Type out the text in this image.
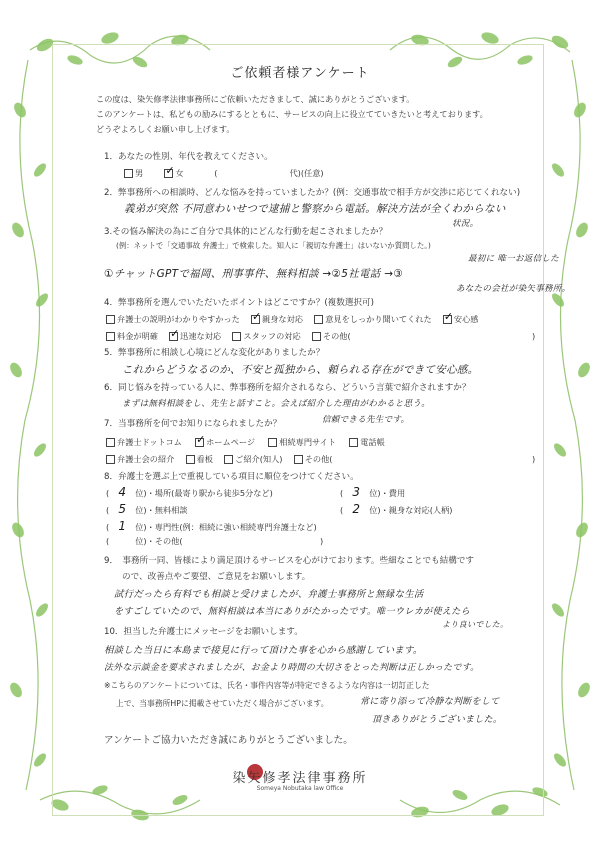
ご依頼者様アンケート
この度は、染矢修孝法律事務所にご依頼いただきまして、誠にありがとうございます。
このアンケートは、私どもの励みにするとともに、サービスの向上に役立てていきたいと考えております。
どうぞよろしくお願い申し上げます。
1．あなたの性別、年代を教えてください。
男 ✓ 女	(	代)(任意)
2．弊事務所への相談時、どんな悩みを持っていましたか？(例：交通事故で相手方が交渉に応じてくれない)
義弟が突然 不同意わいせつで逮捕と警察から電話。解決方法が全くわからない
状況。
3.その悩み解決の為にご自分で具体的にどんな行動を起こされましたか？
(例：ネットで「交通事故 弁護士」で検索した。知人に「親切な弁護士」はいないか質問した。)
最初に 唯一お返信した
①チャットGPTで福岡、刑事事件、無料相談 →②5社電話 →③
あなたの会社が染矢事務所。
4．弊事務所を選んでいただいたポイントはどこですか？(複数選択可)
弁護士の説明がわかりやすかった ✓ 親身な対応	意見をしっかり聞いてくれた ✓ 安心感
料金が明確 ✓ 迅速な対応	スタッフの対応	その他(	)
5．弊事務所に相談し心境にどんな変化がありましたか？
これからどうなるのか、不安と孤独から、頼られる存在ができて安心感。
6．同じ悩みを持っている人に、弊事務所を紹介されるなら、どういう言葉で紹介されますか？
まずは無料相談をし、先生と話すこと。会えば紹介した理由がわかると思う。
7．当事務所を何でお知りになられましたか？	信頼できる先生です。
弁護士ドットコム ✓ ホームページ	相続専門サイト	電話帳
弁護士会の紹介	看板	ご紹介(知人)	その他(	)
8．弁護士を選ぶ上で重視している項目に順位をつけてください。
( 4 位)・場所(最寄り駅から徒歩5分など)	( 3 位)・費用
( 5 位)・無料相談	( 2 位)・親身な対応(人柄)
( 1 位)・専門性(例：相続に強い相続専門弁護士など)
(	位)・その他(	)
9．　事務所一同、皆様により満足頂けるサービスを心がけております。些細なことでも結構です
ので、改善点やご要望、ご意見をお願いします。
試行だったら有料でも相談と受けましたが、弁護士事務所と無縁な生活
をすごしていたので、無料相談は本当にありがたかったです。唯一ウレカが使えたら
より良いでした。
10．担当した弁護士にメッセージをお願いします。
相談した当日に本島まで接見に行って頂けた事を心から感謝しています。
法外な示談金を要求されましたが、お金より時間の大切さをとった判断は正しかったです。
※こちらのアンケートについては、氏名・事件内容等が特定できるような内容は一切訂正した
常に寄り添って冷静な判断をして
上で、当事務所HPに掲載させていただく場合がございます。
頂きありがとうございました。
アンケートご協力いただき誠にありがとうございました。
染矢修孝法律事務所
Someya Nobutaka law Office
